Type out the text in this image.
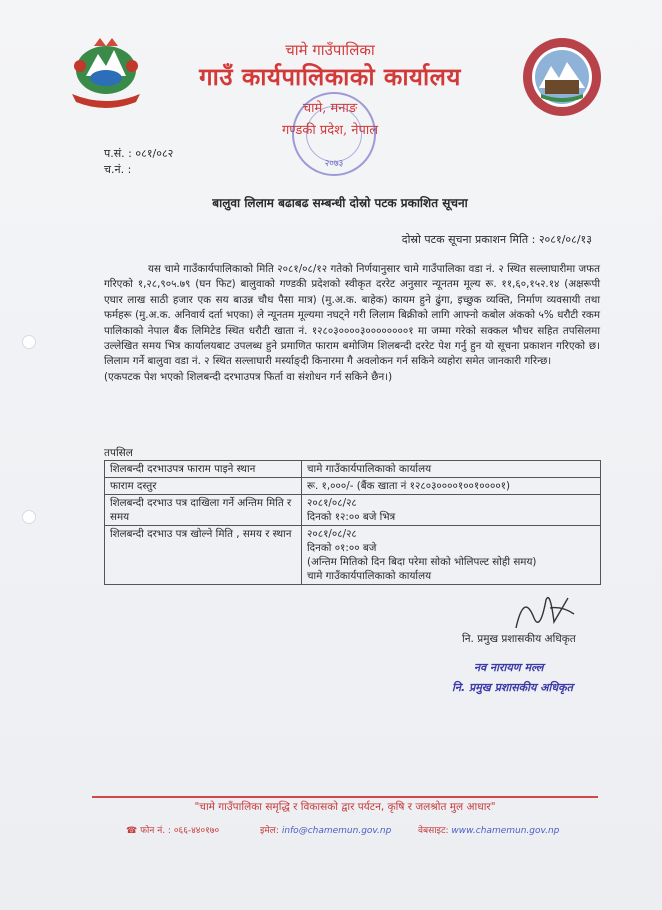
चामे गाउँपालिका
गाउँ कार्यपालिकाको कार्यालय
चामे, मनाङ
गण्डकी प्रदेश, नेपाल
२०७३
प.सं. : ०८१/०८२
च.नं. :
बालुवा लिलाम बढाबढ सम्बन्धी दोस्रो पटक प्रकाशित सूचना
दोस्रो पटक सूचना प्रकाशन मिति : २०८१/०८/१३

यस चामे गाउँकार्यपालिकाको मिति २०८१/०८/१२ गतेको निर्णयानुसार चामे गाउँपालिका वडा नं. २ स्थित सल्लाघारीमा जफत गरिएको १,२८,९०५.७९ (घन फिट) बालुवाको गण्डकी प्रदेशको स्वीकृत दररेट अनुसार न्यूनतम मूल्य रू. ११,६०,१५२.१४ (अक्षरूपी एघार लाख साठी हजार एक सय बाउन्न चौध पैसा मात्र) (मु.अ.क. बाहेक) कायम हुने ढुंगा, इच्छुक व्यक्ति, निर्माण व्यवसायी तथा फर्महरू (मु.अ.क. अनिवार्य दर्ता भएका) ले न्यूनतम मूल्यमा नघट्ने गरी लिलाम बिक्रीको लागि आफ्नो कबोल अंकको ५% धरौटी रकम पालिकाको नेपाल बैंक लिमिटेड स्थित धरौटी खाता नं. १२८०३००००३००००००००१ मा जम्मा गरेको सक्कल भौचर सहित तपसिलमा उल्लेखित समय भित्र कार्यालयबाट उपलब्ध हुने प्रमाणित फाराम बमोजिम शिलबन्दी दररेट पेश गर्नु हुन यो सूचना प्रकाशन गरिएको छ। लिलाम गर्ने बालुवा वडा नं. २ स्थित सल्लाघारी मर्स्याङ्दी किनारमा गै अवलोकन गर्न सकिने व्यहोरा समेत जानकारी गरिन्छ।

(एकपटक पेश भएको शिलबन्दी दरभाउपत्र फिर्ता वा संशोधन गर्न सकिने छैन।)

तपसिल
शिलबन्दी दरभाउपत्र फाराम पाइने स्थान	चामे गाउँकार्यपालिकाको कार्यालय

फाराम दस्तुर	रू. १,०००/- (बैंक खाता नं १२८०३००००१००१००००१)

शिलबन्दी दरभाउ पत्र दाखिला गर्ने अन्तिम मिति र समय	२०८१/०८/२८
दिनको १२:०० बजे भित्र

शिलबन्दी दरभाउ पत्र खोल्ने मिति , समय र स्थान	२०८१/०८/२८
दिनको ०१:०० बजे
(अन्तिम मितिको दिन बिदा परेमा सोको भोलिपल्ट सोही समय)
चामे गाउँकार्यपालिकाको कार्यालय
नि. प्रमुख प्रशासकीय अधिकृत
नव नारायण मल्ल
नि. प्रमुख प्रशासकीय अधिकृत
"चामे गाउँपालिका समृद्धि र विकासको द्वार पर्यटन, कृषि र जलश्रोत मुल आधार"
☎ फोन नं. : ०६६-४४०१७०	इमेल: info@chamemun.gov.np	वेबसाइट: www.chamemun.gov.np
